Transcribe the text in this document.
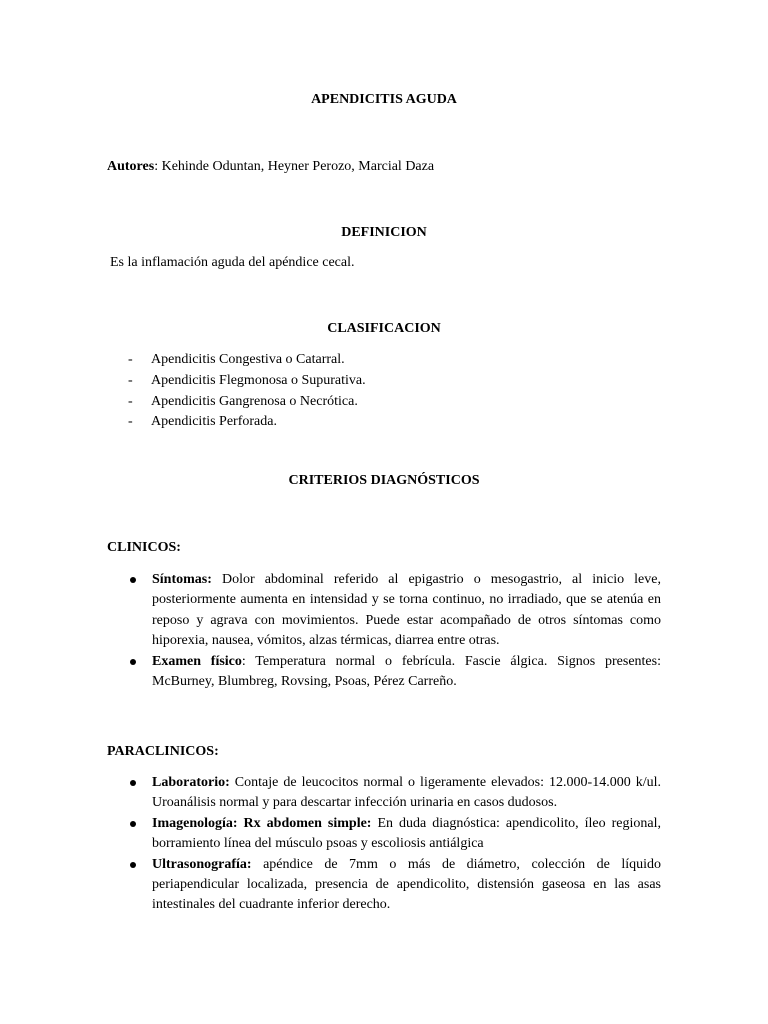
APENDICITIS AGUDA
Autores: Kehinde Oduntan, Heyner Perozo, Marcial Daza
DEFINICION
Es la inflamación aguda del apéndice cecal.
CLASIFICACION
- Apendicitis Congestiva o Catarral.
- Apendicitis Flegmonosa o Supurativa.
- Apendicitis Gangrenosa o Necrótica.
- Apendicitis Perforada.
CRITERIOS DIAGNÓSTICOS
CLINICOS:
Síntomas: Dolor abdominal referido al epigastrio o mesogastrio, al inicio leve, posteriormente aumenta en intensidad y se torna continuo, no irradiado, que se atenúa en reposo y agrava con movimientos. Puede estar acompañado de otros síntomas como hiporexia, nausea, vómitos, alzas térmicas, diarrea entre otras.
Examen físico: Temperatura normal o febrícula. Fascie álgica. Signos presentes: McBurney, Blumbreg, Rovsing, Psoas, Pérez Carreño.
PARACLINICOS:
Laboratorio: Contaje de leucocitos normal o ligeramente elevados: 12.000-14.000 k/ul. Uroanálisis normal y para descartar infección urinaria en casos dudosos.
Imagenología: Rx abdomen simple: En duda diagnóstica: apendicolito, íleo regional, borramiento línea del músculo psoas y escoliosis antiálgica
Ultrasonografía: apéndice de 7mm o más de diámetro, colección de líquido periapendicular localizada, presencia de apendicolito, distensión gaseosa en las asas intestinales del cuadrante inferior derecho.
